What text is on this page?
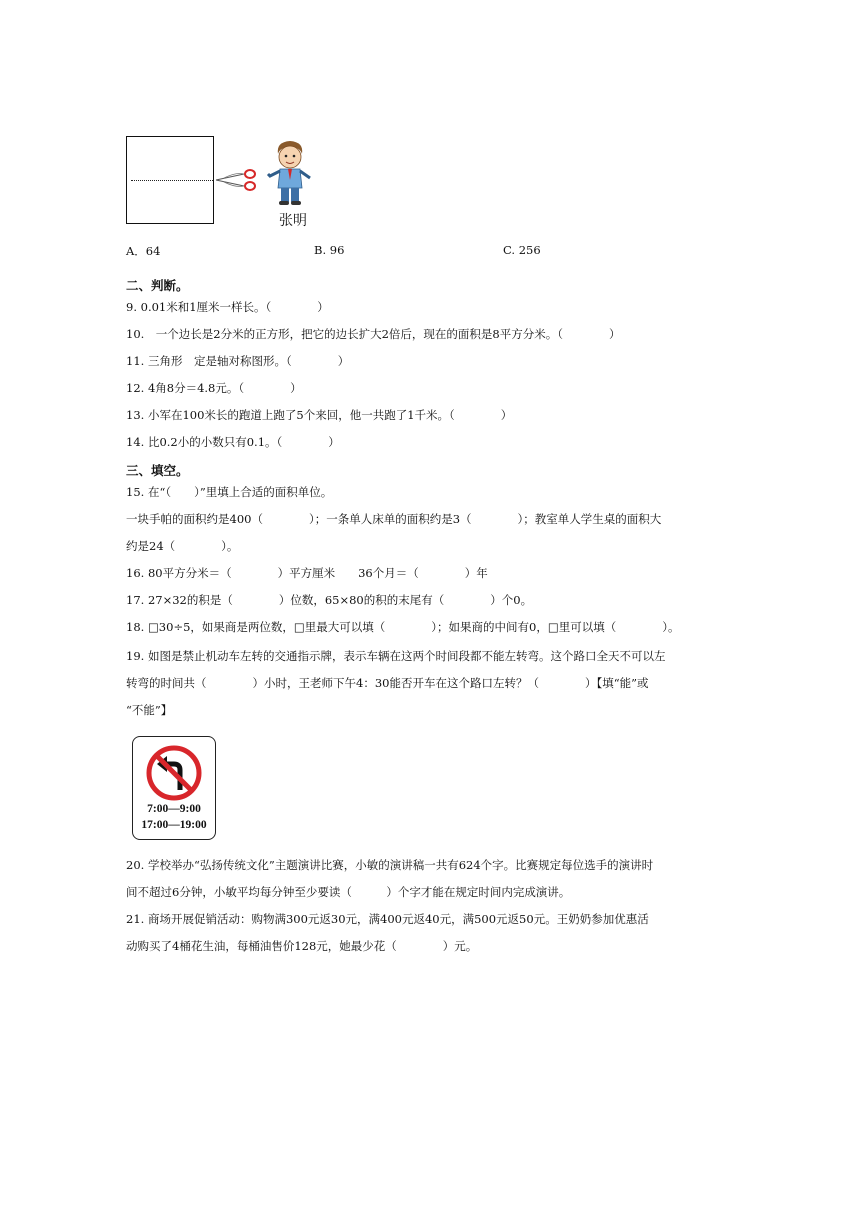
张明
A．64	B. 96	C. 256
二、判断。
9. 0.01米和1厘米一样长。（　　　　）
10.　一个边长是2分米的正方形，把它的边长扩大2倍后，现在的面积是8平方分米。（　　　　）
11. 三角形　定是轴对称图形。（　　　　）
12. 4角8分＝4.8元。（　　　　）
13. 小军在100米长的跑道上跑了5个来回，他一共跑了1千米。（　　　　）
14. 比0.2小的小数只有0.1。（　　　　）
三、填空。
15. 在“（　　）”里填上合适的面积单位。
一块手帕的面积约是400（　　　　）；一条单人床单的面积约是3（　　　　）；教室单人学生桌的面积大
约是24（　　　　）。
16. 80平方分米＝（　　　　）平方厘米　　36个月＝（　　　　）年
17. 27×32的积是（　　　　）位数，65×80的积的末尾有（　　　　）个0。
18. □30÷5，如果商是两位数，□里最大可以填（　　　　）；如果商的中间有0，□里可以填（　　　　）。
19. 如图是禁止机动车左转的交通指示牌，表示车辆在这两个时间段都不能左转弯。这个路口全天不可以左
转弯的时间共（　　　　）小时，王老师下午4：30能否开车在这个路口左转？（　　　　）【填“能”或
“不能”】
7:00—9:00
17:00—19:00
20. 学校举办“弘扬传统文化”主题演讲比赛，小敏的演讲稿一共有624个字。比赛规定每位选手的演讲时
间不超过6分钟，小敏平均每分钟至少要读（　　　）个字才能在规定时间内完成演讲。
21. 商场开展促销活动：购物满300元返30元，满400元返40元，满500元返50元。王奶奶参加优惠活
动购买了4桶花生油，每桶油售价128元，她最少花（　　　　）元。
